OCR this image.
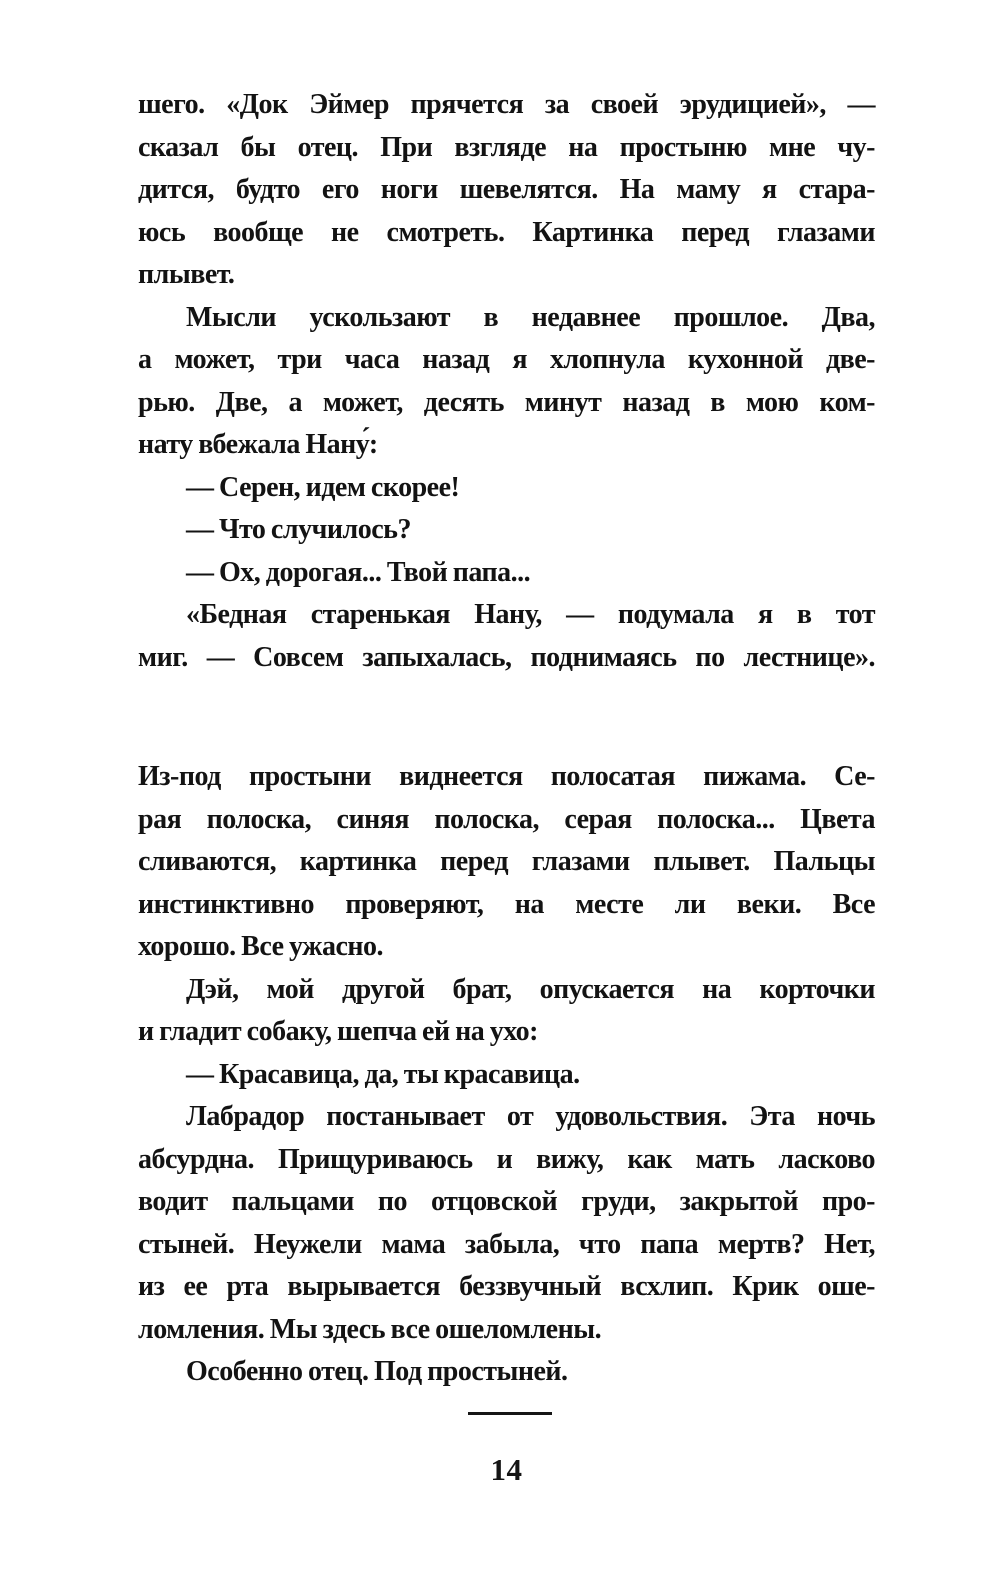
шего. «Док Эймер прячется за своей эрудицией», —
сказал бы отец. При взгляде на простыню мне чу-
дится, будто его ноги шевелятся. На маму я стара-
юсь вообще не смотреть. Картинка перед глазами
плывет.
Мысли ускользают в недавнее прошлое. Два,
а может, три часа назад я хлопнула кухонной две-
рью. Две, а может, десять минут назад в мою ком-
нату вбежала Нану́:
— Серен, идем скорее!
— Что случилось?
— Ох, дорогая... Твой папа...
«Бедная старенькая Нану, — подумала я в тот
миг. — Совсем запыхалась, поднимаясь по лестнице».
Из-под простыни виднеется полосатая пижама. Се-
рая полоска, синяя полоска, серая полоска... Цвета
сливаются, картинка перед глазами плывет. Пальцы
инстинктивно проверяют, на месте ли веки. Все
хорошо. Все ужасно.
Дэй, мой другой брат, опускается на корточки
и гладит собаку, шепча ей на ухо:
— Красавица, да, ты красавица.
Лабрадор постанывает от удовольствия. Эта ночь
абсурдна. Прищуриваюсь и вижу, как мать ласково
водит пальцами по отцовской груди, закрытой про-
стыней. Неужели мама забыла, что папа мертв? Нет,
из ее рта вырывается беззвучный всхлип. Крик оше-
ломления. Мы здесь все ошеломлены.
Особенно отец. Под простыней.
14
